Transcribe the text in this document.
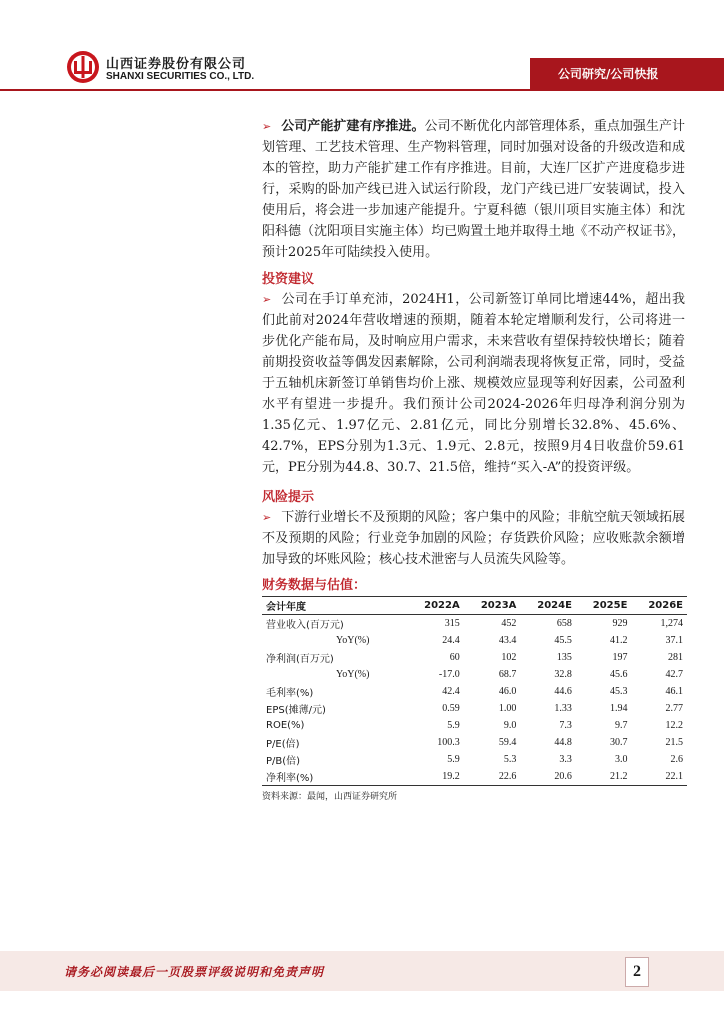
山西证券股份有限公司
SHANXI SECURITIES CO., LTD.	公司研究/公司快报

➢ 公司产能扩建有序推进。公司不断优化内部管理体系，重点加强生产计划管理、工艺技术管理、生产物料管理，同时加强对设备的升级改造和成本的管控，助力产能扩建工作有序推进。目前，大连厂区扩产进度稳步进行，采购的卧加产线已进入试运行阶段，龙门产线已进厂安装调试，投入使用后，将会进一步加速产能提升。宁夏科德（银川项目实施主体）和沈阳科德（沈阳项目实施主体）均已购置土地并取得土地《不动产权证书》，预计2025年可陆续投入使用。

投资建议

➢ 公司在手订单充沛，2024H1，公司新签订单同比增速44%，超出我们此前对2024年营收增速的预期，随着本轮定增顺利发行，公司将进一步优化产能布局，及时响应用户需求，未来营收有望保持较快增长；随着前期投资收益等偶发因素解除，公司利润端表现将恢复正常，同时，受益于五轴机床新签订单销售均价上涨、规模效应显现等利好因素，公司盈利水平有望进一步提升。我们预计公司2024-2026年归母净利润分别为1.35亿元、1.97亿元、2.81亿元，同比分别增长32.8%、45.6%、42.7%，EPS分别为1.3元、1.9元、2.8元，按照9月4日收盘价59.61元，PE分别为44.8、30.7、21.5倍，维持“买入-A”的投资评级。

风险提示

➢ 下游行业增长不及预期的风险；客户集中的风险；非航空航天领域拓展不及预期的风险；行业竞争加剧的风险；存货跌价风险；应收账款余额增加导致的坏账风险；核心技术泄密与人员流失风险等。

财务数据与估值：
会计年度	2022A	2023A	2024E	2025E	2026E
营业收入(百万元)	315	452	658	929	1,274
YoY(%)	24.4	43.4	45.5	41.2	37.1
净利润(百万元)	60	102	135	197	281
YoY(%)	-17.0	68.7	32.8	45.6	42.7
毛利率(%)	42.4	46.0	44.6	45.3	46.1
EPS(摊薄/元)	0.59	1.00	1.33	1.94	2.77
ROE(%)	5.9	9.0	7.3	9.7	12.2
P/E(倍)	100.3	59.4	44.8	30.7	21.5
P/B(倍)	5.9	5.3	3.3	3.0	2.6
净利率(%)	19.2	22.6	20.6	21.2	22.1
资料来源：最闻，山西证券研究所
请务必阅读最后一页股票评级说明和免责声明	2
